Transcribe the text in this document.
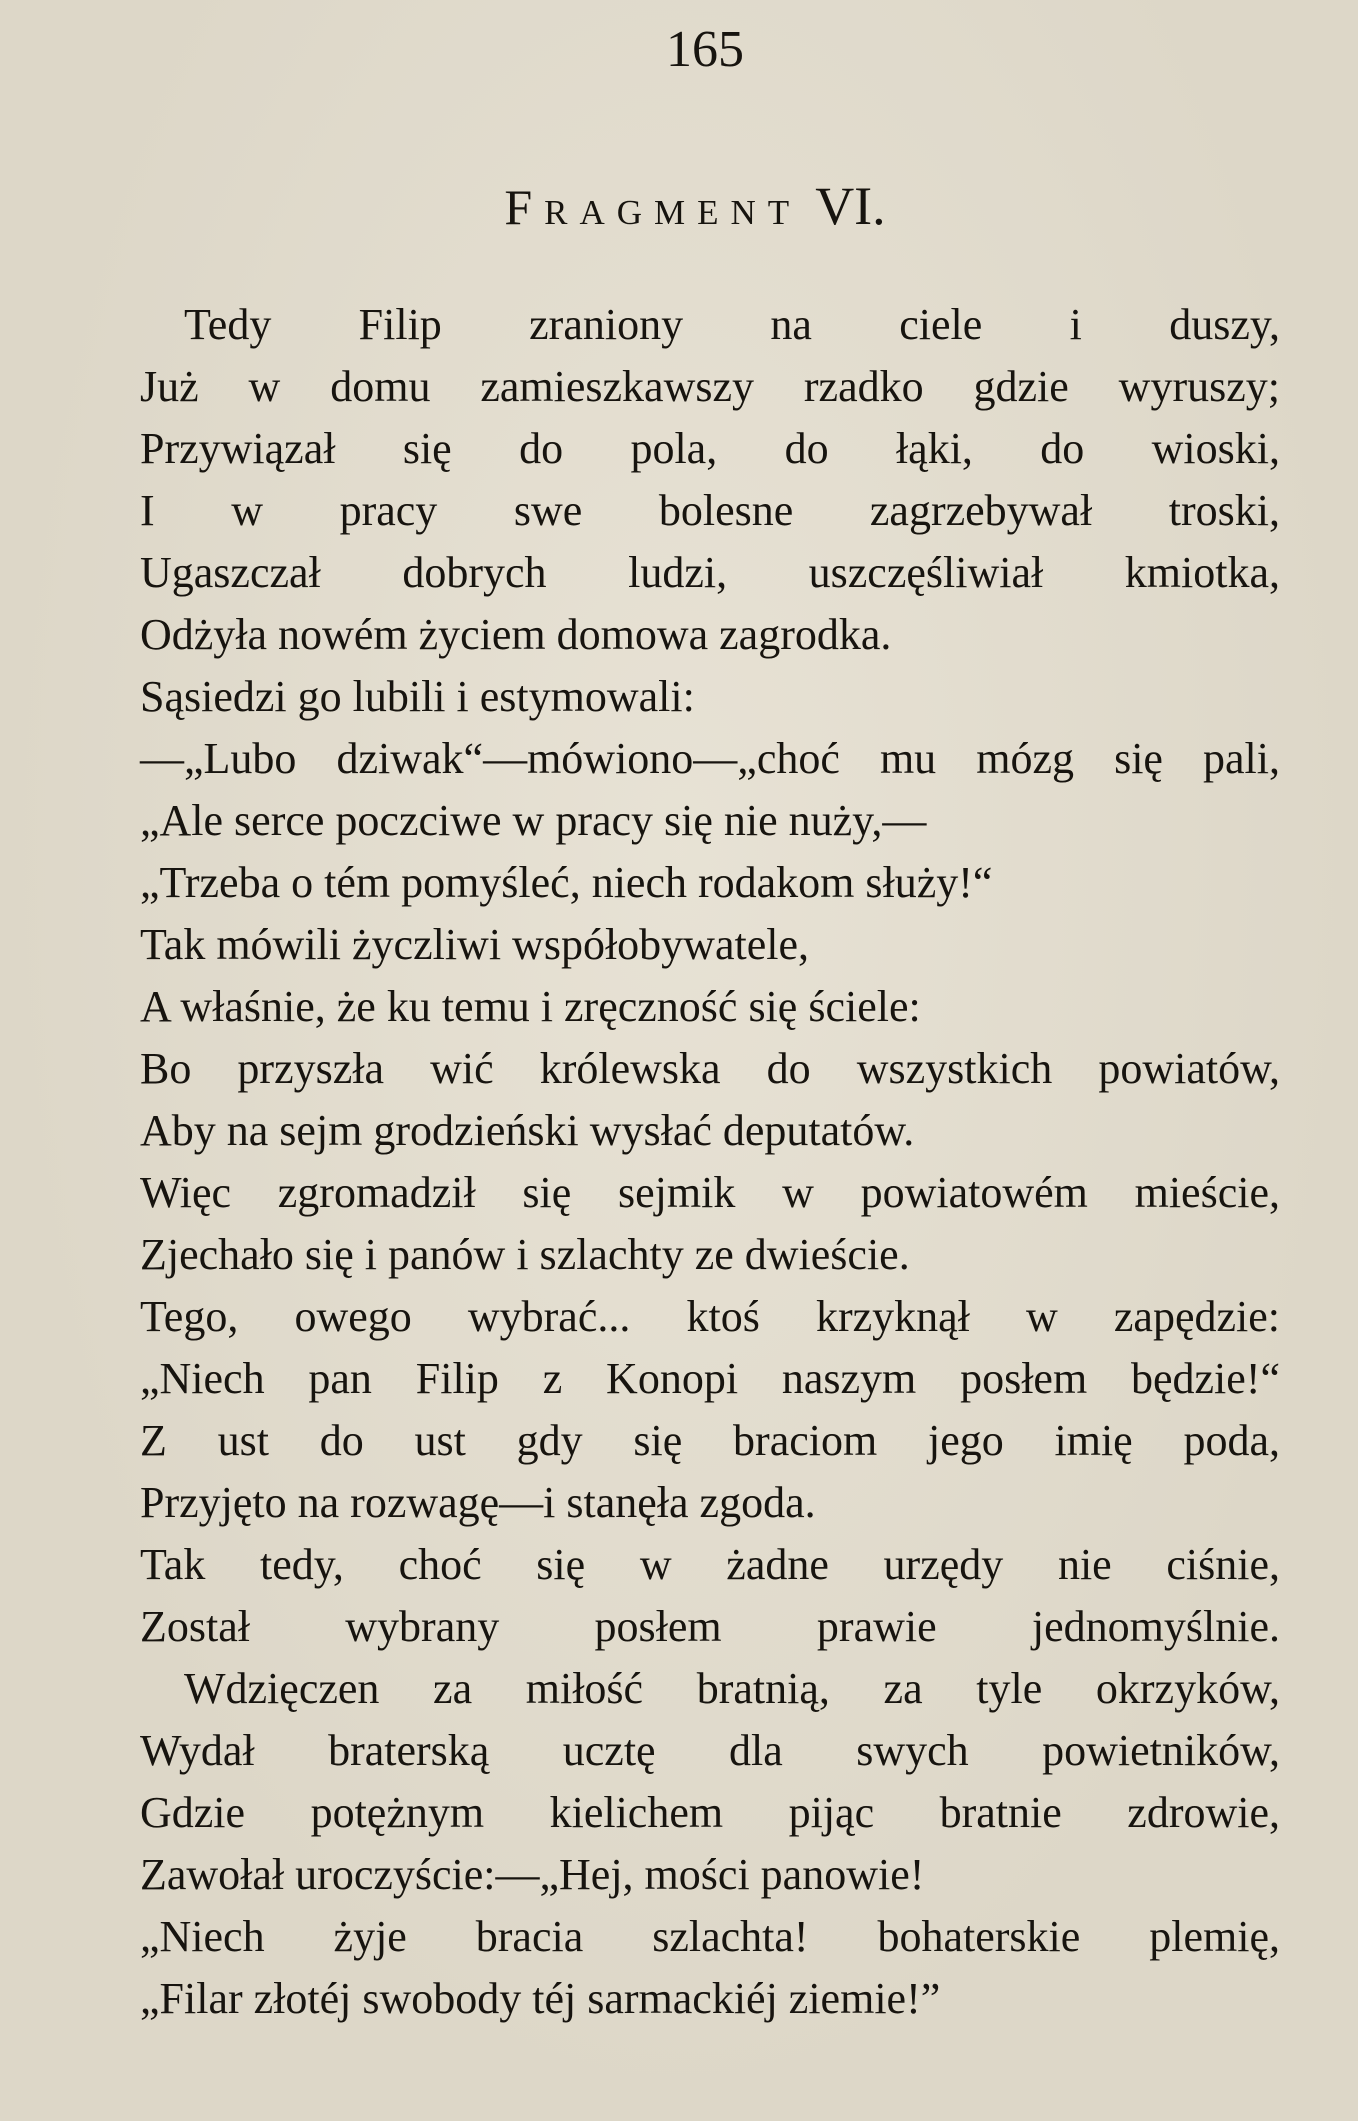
165
Fragment VI.
Tedy Filip zraniony na ciele i duszy,
Już w domu zamieszkawszy rzadko gdzie wyruszy;
Przywiązał się do pola, do łąki, do wioski,
I w pracy swe bolesne zagrzebywał troski,
Ugaszczał dobrych ludzi, uszczęśliwiał kmiotka,
Odżyła nowém życiem domowa zagrodka.
Sąsiedzi go lubili i estymowali:
—„Lubo dziwak“—mówiono—„choć mu mózg się pali,
„Ale serce poczciwe w pracy się nie nuży,—
„Trzeba o tém pomyśleć, niech rodakom służy!“
Tak mówili życzliwi współobywatele,
A właśnie, że ku temu i zręczność się ściele:
Bo przyszła wić królewska do wszystkich powiatów,
Aby na sejm grodzieński wysłać deputatów.
Więc zgromadził się sejmik w powiatowém mieście,
Zjechało się i panów i szlachty ze dwieście.
Tego, owego wybrać... ktoś krzyknął w zapędzie:
„Niech pan Filip z Konopi naszym posłem będzie!“
Z ust do ust gdy się braciom jego imię poda,
Przyjęto na rozwagę—i stanęła zgoda.
Tak tedy, choć się w żadne urzędy nie ciśnie,
Został wybrany posłem prawie jednomyślnie.
Wdzięczen za miłość bratnią, za tyle okrzyków,
Wydał braterską ucztę dla swych powietników,
Gdzie potężnym kielichem pijąc bratnie zdrowie,
Zawołał uroczyście:—„Hej, mości panowie!
„Niech żyje bracia szlachta! bohaterskie plemię,
„Filar złotéj swobody téj sarmackiéj ziemie!”
